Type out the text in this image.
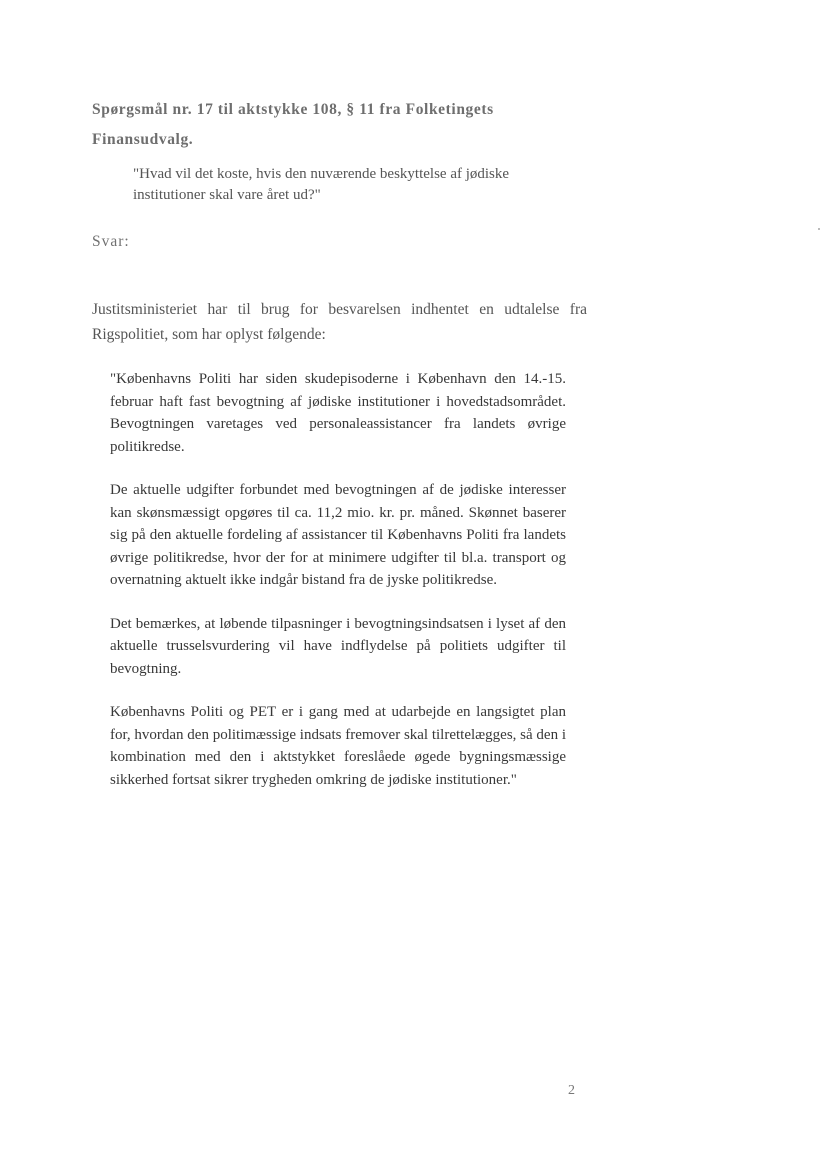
Spørgsmål nr. 17 til aktstykke 108, § 11 fra Folketingets Finansudvalg.

"Hvad vil det koste, hvis den nuværende beskyttelse af jødiske institutioner skal vare året ud?"

Svar:

Justitsministeriet har til brug for besvarelsen indhentet en udtalelse fra Rigspolitiet, som har oplyst følgende:

"Københavns Politi har siden skudepisoderne i København den 14.-15. februar haft fast bevogtning af jødiske institutioner i hovedstadsområdet. Bevogtningen varetages ved personaleassistancer fra landets øvrige politikredse.

De aktuelle udgifter forbundet med bevogtningen af de jødiske interesser kan skønsmæssigt opgøres til ca. 11,2 mio. kr. pr. måned. Skønnet baserer sig på den aktuelle fordeling af assistancer til Københavns Politi fra landets øvrige politikredse, hvor der for at minimere udgifter til bl.a. transport og overnatning aktuelt ikke indgår bistand fra de jyske politikredse.

Det bemærkes, at løbende tilpasninger i bevogtningsindsatsen i lyset af den aktuelle trusselsvurdering vil have indflydelse på politiets udgifter til bevogtning.

Københavns Politi og PET er i gang med at udarbejde en langsigtet plan for, hvordan den politimæssige indsats fremover skal tilrettelægges, så den i kombination med den i aktstykket foreslåede øgede bygningsmæssige sikkerhed fortsat sikrer trygheden omkring de jødiske institutioner."

2
